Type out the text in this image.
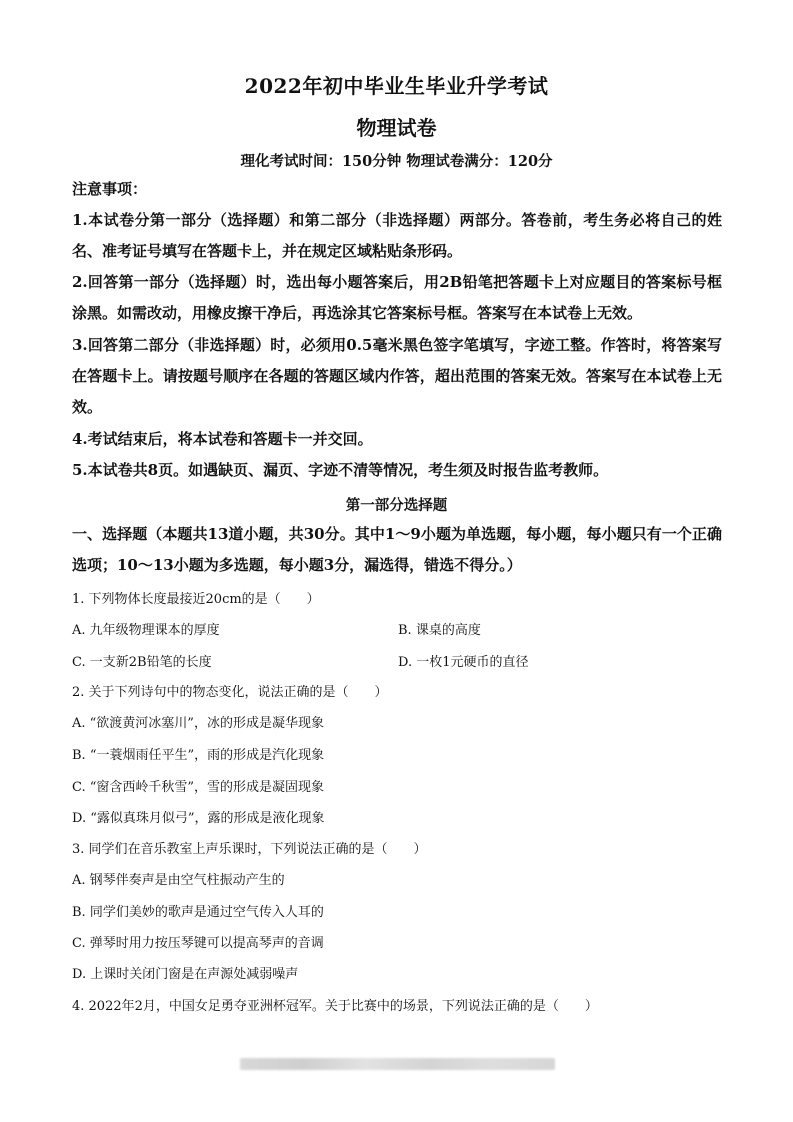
2022年初中毕业生毕业升学考试
物理试卷
理化考试时间：150分钟 物理试卷满分：120分
注意事项：
1.本试卷分第一部分（选择题）和第二部分（非选择题）两部分。答卷前，考生务必将自己的姓名、准考证号填写在答题卡上，并在规定区域粘贴条形码。
2.回答第一部分（选择题）时，选出每小题答案后，用2B铅笔把答题卡上对应题目的答案标号框涂黑。如需改动，用橡皮擦干净后，再选涂其它答案标号框。答案写在本试卷上无效。
3.回答第二部分（非选择题）时，必须用0.5毫米黑色签字笔填写，字迹工整。作答时，将答案写在答题卡上。请按题号顺序在各题的答题区域内作答，超出范围的答案无效。答案写在本试卷上无效。
4.考试结束后，将本试卷和答题卡一并交回。
5.本试卷共8页。如遇缺页、漏页、字迹不清等情况，考生须及时报告监考教师。
第一部分选择题
一、选择题（本题共13道小题，共30分。其中1～9小题为单选题，每小题，每小题只有一个正确选项；10～13小题为多选题，每小题3分，漏选得，错选不得分。）
1. 下列物体长度最接近20cm的是（　　）
A. 九年级物理课本的厚度	B. 课桌的高度
C. 一支新2B铅笔的长度	D. 一枚1元硬币的直径
2. 关于下列诗句中的物态变化，说法正确的是（　　）
A. “欲渡黄河冰塞川”，冰的形成是凝华现象
B. “一蓑烟雨任平生”，雨的形成是汽化现象
C. “窗含西岭千秋雪”，雪的形成是凝固现象
D. “露似真珠月似弓”，露的形成是液化现象
3. 同学们在音乐教室上声乐课时，下列说法正确的是（　　）
A. 钢琴伴奏声是由空气柱振动产生的
B. 同学们美妙的歌声是通过空气传入人耳的
C. 弹琴时用力按压琴键可以提高琴声的音调
D. 上课时关闭门窗是在声源处减弱噪声
4. 2022年2月，中国女足勇夺亚洲杯冠军。关于比赛中的场景，下列说法正确的是（　　）
